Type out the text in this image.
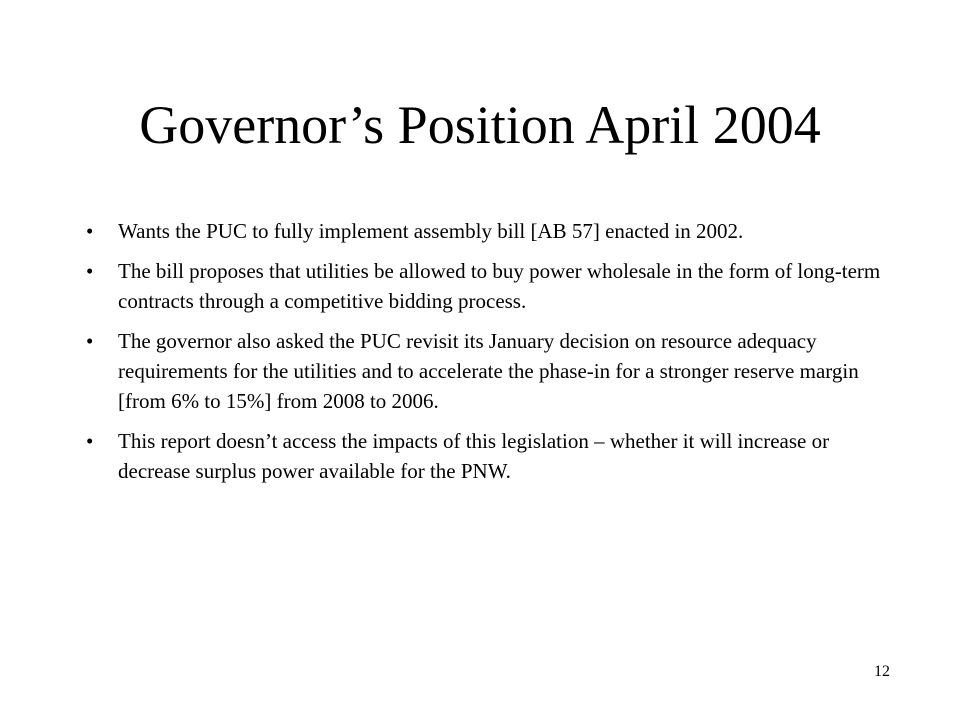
Governor’s Position April 2004
• Wants the PUC to fully implement assembly bill [AB 57] enacted in 2002.
• The bill proposes that utilities be allowed to buy power wholesale in the form of long-term contracts through a competitive bidding process.
• The governor also asked the PUC revisit its January decision on resource adequacy requirements for the utilities and to accelerate the phase-in for a stronger reserve margin [from 6% to 15%] from 2008 to 2006.
• This report doesn’t access the impacts of this legislation – whether it will increase or decrease surplus power available for the PNW.
12
